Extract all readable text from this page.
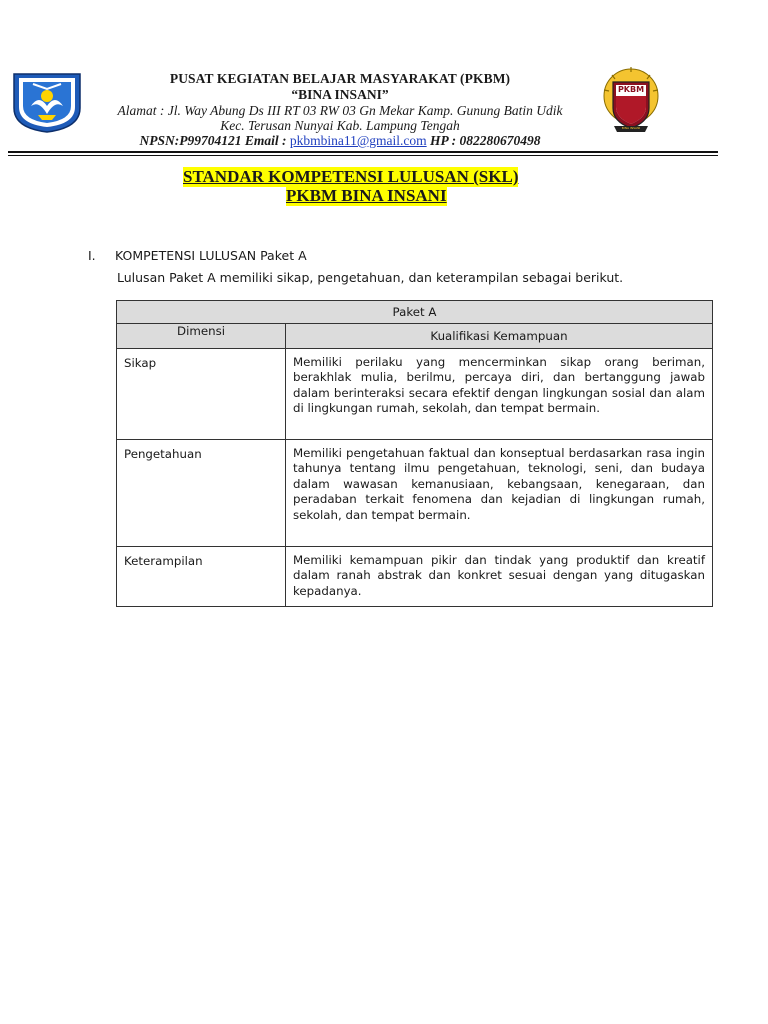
PKBM
BINA INSANI
PUSAT KEGIATAN BELAJAR MASYARAKAT (PKBM)
“BINA INSANI”
Alamat : Jl. Way Abung Ds III RT 03 RW 03 Gn Mekar Kamp. Gunung Batin Udik
Kec. Terusan Nunyai Kab. Lampung Tengah
NPSN:P99704121 Email : pkbmbina11@gmail.com HP : 082280670498
STANDAR KOMPETENSI LULUSAN (SKL)
PKBM BINA INSANI
I. KOMPETENSI LULUSAN Paket A
Lulusan Paket A memiliki sikap, pengetahuan, dan keterampilan sebagai berikut.
Paket A	
Dimensi	Kualifikasi Kemampuan
Sikap	Memiliki perilaku yang mencerminkan sikap orang beriman, berakhlak mulia, berilmu, percaya diri, dan bertanggung jawab dalam berinteraksi secara efektif dengan lingkungan sosial dan alam di lingkungan rumah, sekolah, dan tempat bermain.
Pengetahuan	Memiliki pengetahuan faktual dan konseptual berdasarkan rasa ingin tahunya tentang ilmu pengetahuan, teknologi, seni, dan budaya dalam wawasan kemanusiaan, kebangsaan, kenegaraan, dan peradaban terkait fenomena dan kejadian di lingkungan rumah, sekolah, dan tempat bermain.
Keterampilan	Memiliki kemampuan pikir dan tindak yang produktif dan kreatif dalam ranah abstrak dan konkret sesuai dengan yang ditugaskan kepadanya.
